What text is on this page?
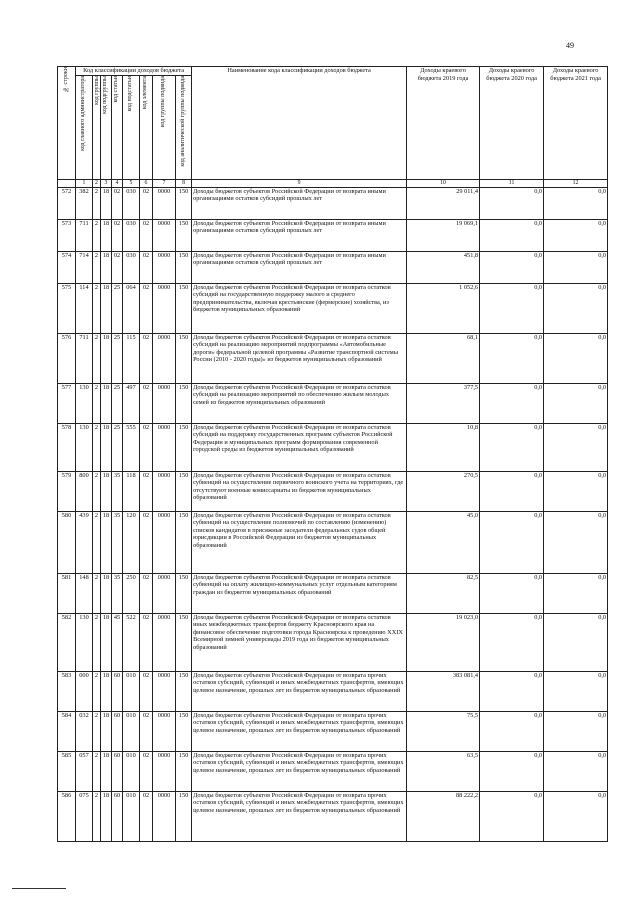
49
№ строки	Код классификации доходов бюджета								Наименование кода классификации доходов бюджета	Доходы краевого бюджета 2019 года	Доходы краевого бюджета 2020 года	Доходы краевого бюджета 2021 года
	код главного администратора	код группы	код подгруппы	код статьи	код подстатьи	код элемента	код группы подвида	код аналитической группы подвида				
	1	2	3	4	5	6	7	8	9	10	11	12
572	382	2	18	02	030	02	0000	150	Доходы бюджетов субъектов Российской Федерации от возврата иными организациями остатков субсидий прошлых лет	29 011,4	0,0	0,0
573	711	2	18	02	030	02	0000	150	Доходы бюджетов субъектов Российской Федерации от возврата иными организациями остатков субсидий прошлых лет	19 069,1	0,0	0,0
574	714	2	18	02	030	02	0000	150	Доходы бюджетов субъектов Российской Федерации от возврата иными организациями остатков субсидий прошлых лет	451,8	0,0	0,0
575	114	2	18	25	064	02	0000	150	Доходы бюджетов субъектов Российской Федерации от возврата остатков субсидий на государственную поддержку малого и среднего предпринимательства, включая крестьянские (фермерские) хозяйства, из бюджетов муниципальных образований	1 052,6	0,0	0,0
576	711	2	18	25	115	02	0000	150	Доходы бюджетов субъектов Российской Федерации от возврата остатков субсидий на реализацию мероприятий подпрограммы «Автомобильные дороги» федеральной целевой программы «Развитие транспортной системы России (2010 - 2020 годы)» из бюджетов муниципальных образований	68,1	0,0	0,0
577	130	2	18	25	497	02	0000	150	Доходы бюджетов субъектов Российской Федерации от возврата остатков субсидий на реализацию мероприятий по обеспечению жильем молодых семей из бюджетов муниципальных образований	377,5	0,0	0,0
578	130	2	18	25	555	02	0000	150	Доходы бюджетов субъектов Российской Федерации от возврата остатков субсидий на поддержку государственных программ субъектов Российской Федерации и муниципальных программ формирования современной городской среды из бюджетов муниципальных образований	10,8	0,0	0,0
579	800	2	18	35	118	02	0000	150	Доходы бюджетов субъектов Российской Федерации от возврата остатков субвенций на осуществление первичного воинского учета на территориях, где отсутствуют военные комиссариаты из бюджетов муниципальных образований	270,5	0,0	0,0
580	439	2	18	35	120	02	0000	150	Доходы бюджетов субъектов Российской Федерации от возврата остатков субвенций на осуществление полномочий по составлению (изменению) списков кандидатов в присяжные заседатели федеральных судов общей юрисдикции в Российской Федерации из бюджетов муниципальных образований	45,0	0,0	0,0
581	148	2	18	35	250	02	0000	150	Доходы бюджетов субъектов Российской Федерации от возврата остатков субвенций на оплату жилищно-коммунальных услуг отдельным категориям граждан из бюджетов муниципальных образований	82,5	0,0	0,0
582	130	2	18	45	522	02	0000	150	Доходы бюджетов субъектов Российской Федерации от возврата остатков иных межбюджетных трансфертов бюджету Красноярского края на финансовое обеспечение подготовки города Красноярска к проведению XXIX Всемирной зимней универсиады 2019 года из бюджетов муниципальных образований	19 023,0	0,0	0,0
583	000	2	18	60	010	02	0000	150	Доходы бюджетов субъектов Российской Федерации от возврата прочих остатков субсидий, субвенций и иных межбюджетных трансфертов, имеющих целевое назначение, прошлых лет из бюджетов муниципальных образований	383 081,4	0,0	0,0
584	032	2	18	60	010	02	0000	150	Доходы бюджетов субъектов Российской Федерации от возврата прочих остатков субсидий, субвенций и иных межбюджетных трансфертов, имеющих целевое назначение, прошлых лет из бюджетов муниципальных образований	75,5	0,0	0,0
585	057	2	18	60	010	02	0000	150	Доходы бюджетов субъектов Российской Федерации от возврата прочих остатков субсидий, субвенций и иных межбюджетных трансфертов, имеющих целевое назначение, прошлых лет из бюджетов муниципальных образований	63,5	0,0	0,0
586	075	2	18	60	010	02	0000	150	Доходы бюджетов субъектов Российской Федерации от возврата прочих остатков субсидий, субвенций и иных межбюджетных трансфертов, имеющих целевое назначение, прошлых лет из бюджетов муниципальных образований	88 222,2	0,0	0,0
